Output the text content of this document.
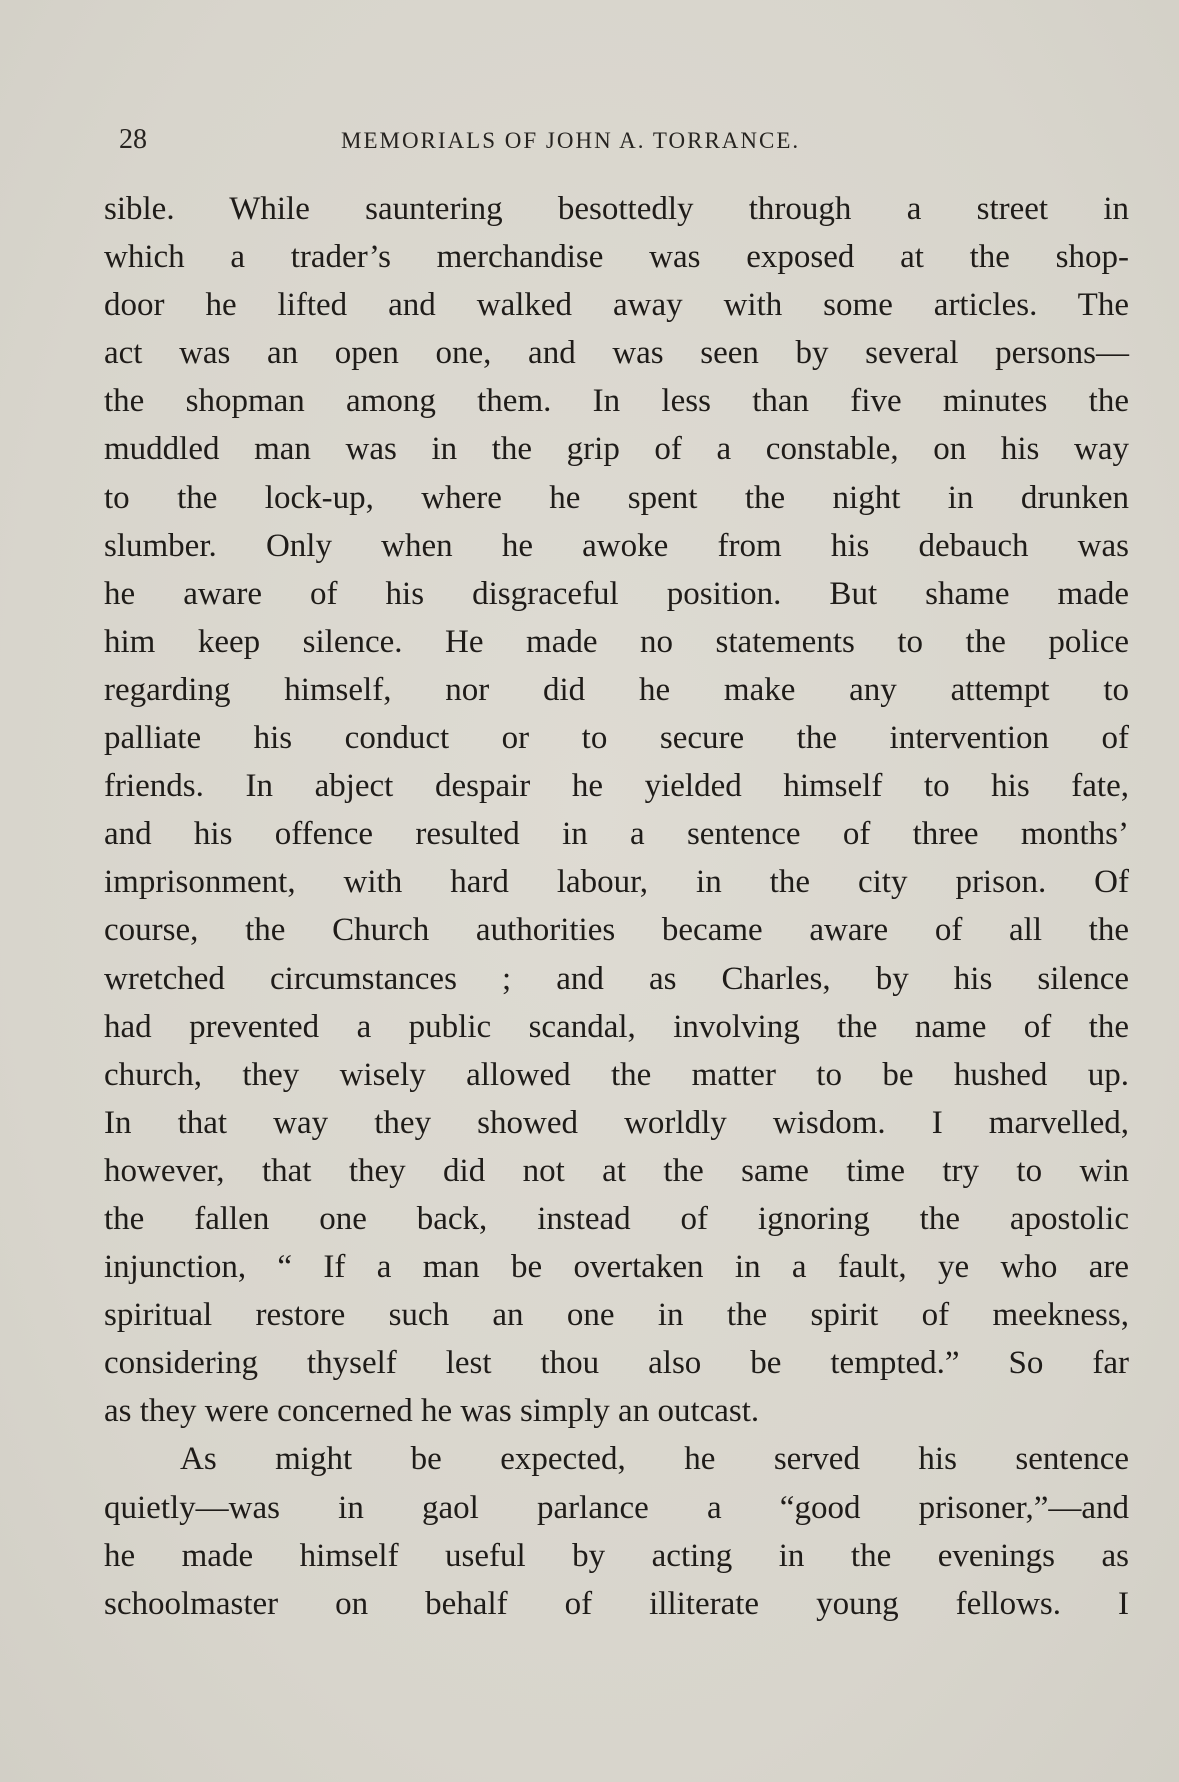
28	MEMORIALS OF JOHN A. TORRANCE.
sible. While sauntering besottedly through a street in
which a trader’s merchandise was exposed at the shop-
door he lifted and walked away with some articles. The
act was an open one, and was seen by several persons—
the shopman among them. In less than five minutes the
muddled man was in the grip of a constable, on his way
to the lock-up, where he spent the night in drunken
slumber. Only when he awoke from his debauch was
he aware of his disgraceful position. But shame made
him keep silence. He made no statements to the police
regarding himself, nor did he make any attempt to
palliate his conduct or to secure the intervention of
friends. In abject despair he yielded himself to his fate,
and his offence resulted in a sentence of three months’
imprisonment, with hard labour, in the city prison. Of
course, the Church authorities became aware of all the
wretched circumstances ; and as Charles, by his silence
had prevented a public scandal, involving the name of the
church, they wisely allowed the matter to be hushed up.
In that way they showed worldly wisdom. I marvelled,
however, that they did not at the same time try to win
the fallen one back, instead of ignoring the apostolic
injunction, “ If a man be overtaken in a fault, ye who are
spiritual restore such an one in the spirit of meekness,
considering thyself lest thou also be tempted.” So far
as they were concerned he was simply an outcast.
As might be expected, he served his sentence
quietly—was in gaol parlance a “good prisoner,”—and
he made himself useful by acting in the evenings as
schoolmaster on behalf of illiterate young fellows. I
